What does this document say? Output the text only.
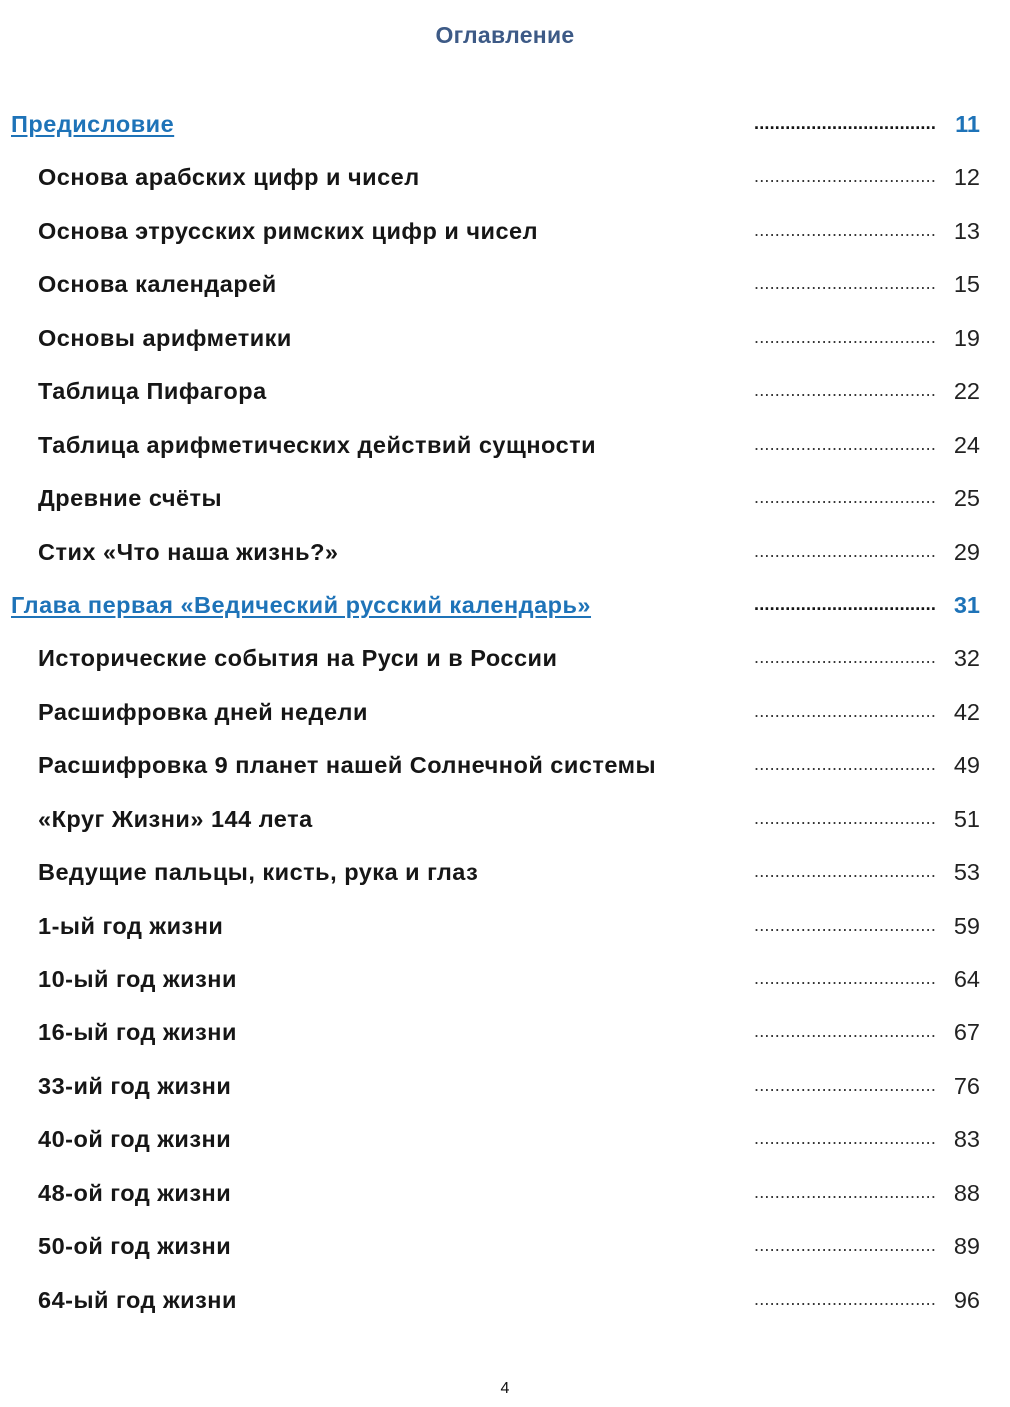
Оглавление
Предисловие	................................... 11
Основа арабских цифр и чисел	................................... 12
Основа этрусских римских цифр и чисел	................................... 13
Основа календарей	................................... 15
Основы арифметики	................................... 19
Таблица Пифагора	................................... 22
Таблица арифметических действий сущности	................................... 24
Древние счёты	................................... 25
Стих «Что наша жизнь?»	................................... 29
Глава первая «Ведический русский календарь»	................................... 31
Исторические события на Руси и в России	................................... 32
Расшифровка дней недели	................................... 42
Расшифровка 9 планет нашей Солнечной системы	................................... 49
«Круг Жизни» 144 лета	................................... 51
Ведущие пальцы, кисть, рука и глаз	................................... 53
1-ый год жизни	................................... 59
10-ый год жизни	................................... 64
16-ый год жизни	................................... 67
33-ий год жизни	................................... 76
40-ой год жизни	................................... 83
48-ой год жизни	................................... 88
50-ой год жизни	................................... 89
64-ый год жизни	................................... 96
4
